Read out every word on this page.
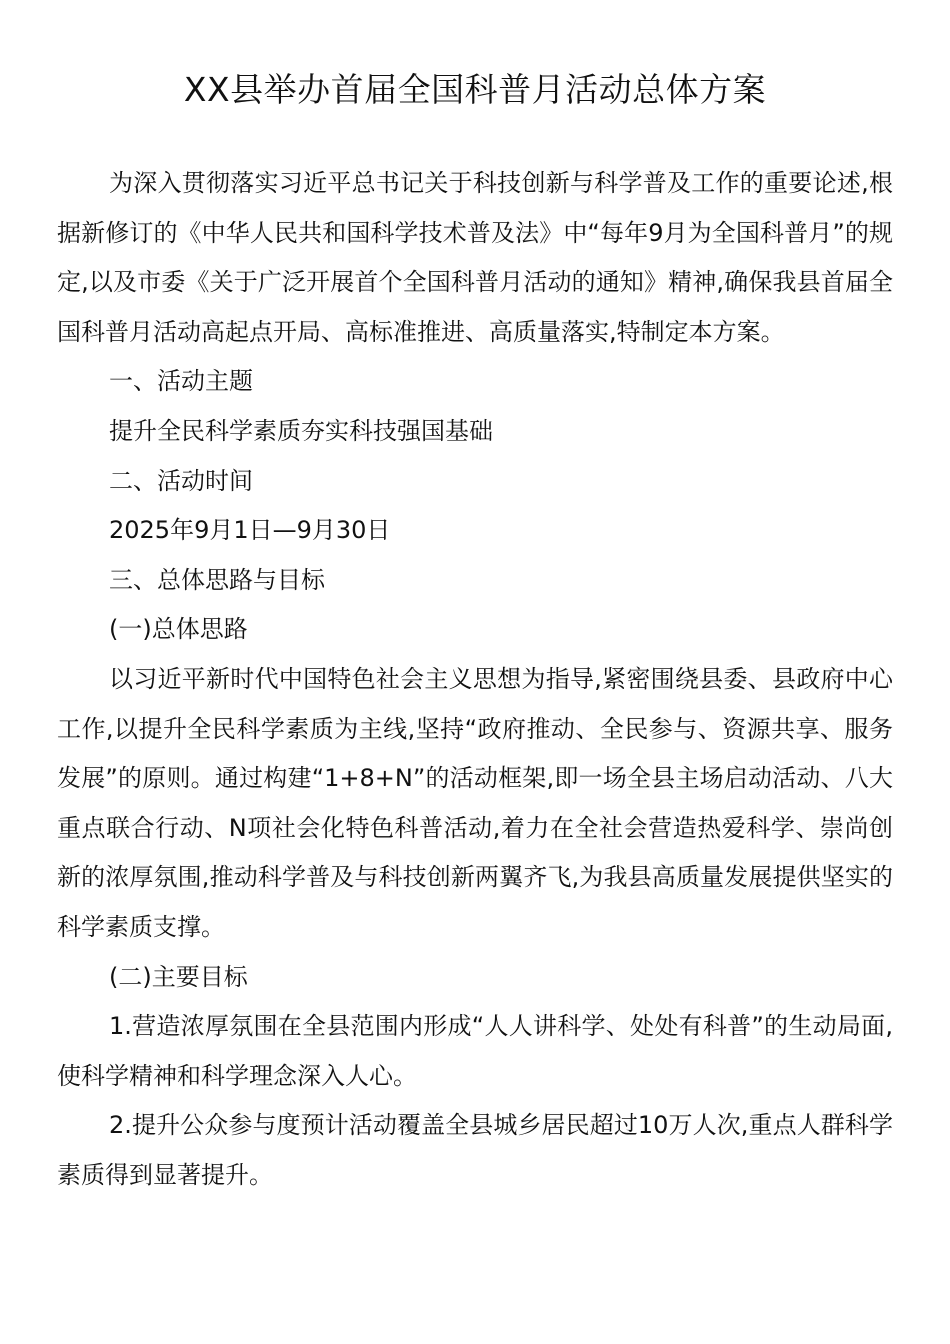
XX县举办首届全国科普月活动总体方案

为深入贯彻落实习近平总书记关于科技创新与科学普及工作的重要论述,根据新修订的《中华人民共和国科学技术普及法》中“每年9月为全国科普月”的规定,以及市委《关于广泛开展首个全国科普月活动的通知》精神,确保我县首届全国科普月活动高起点开局、高标准推进、高质量落实,特制定本方案。

一、活动主题

提升全民科学素质夯实科技强国基础

二、活动时间

2025年9月1日—9月30日

三、总体思路与目标

(一)总体思路

以习近平新时代中国特色社会主义思想为指导,紧密围绕县委、县政府中心工作,以提升全民科学素质为主线,坚持“政府推动、全民参与、资源共享、服务发展”的原则。通过构建“1+8+N”的活动框架,即一场全县主场启动活动、八大重点联合行动、N项社会化特色科普活动,着力在全社会营造热爱科学、崇尚创新的浓厚氛围,推动科学普及与科技创新两翼齐飞,为我县高质量发展提供坚实的科学素质支撑。

(二)主要目标

1.营造浓厚氛围在全县范围内形成“人人讲科学、处处有科普”的生动局面,使科学精神和科学理念深入人心。

2.提升公众参与度预计活动覆盖全县城乡居民超过10万人次,重点人群科学素质得到显著提升。
